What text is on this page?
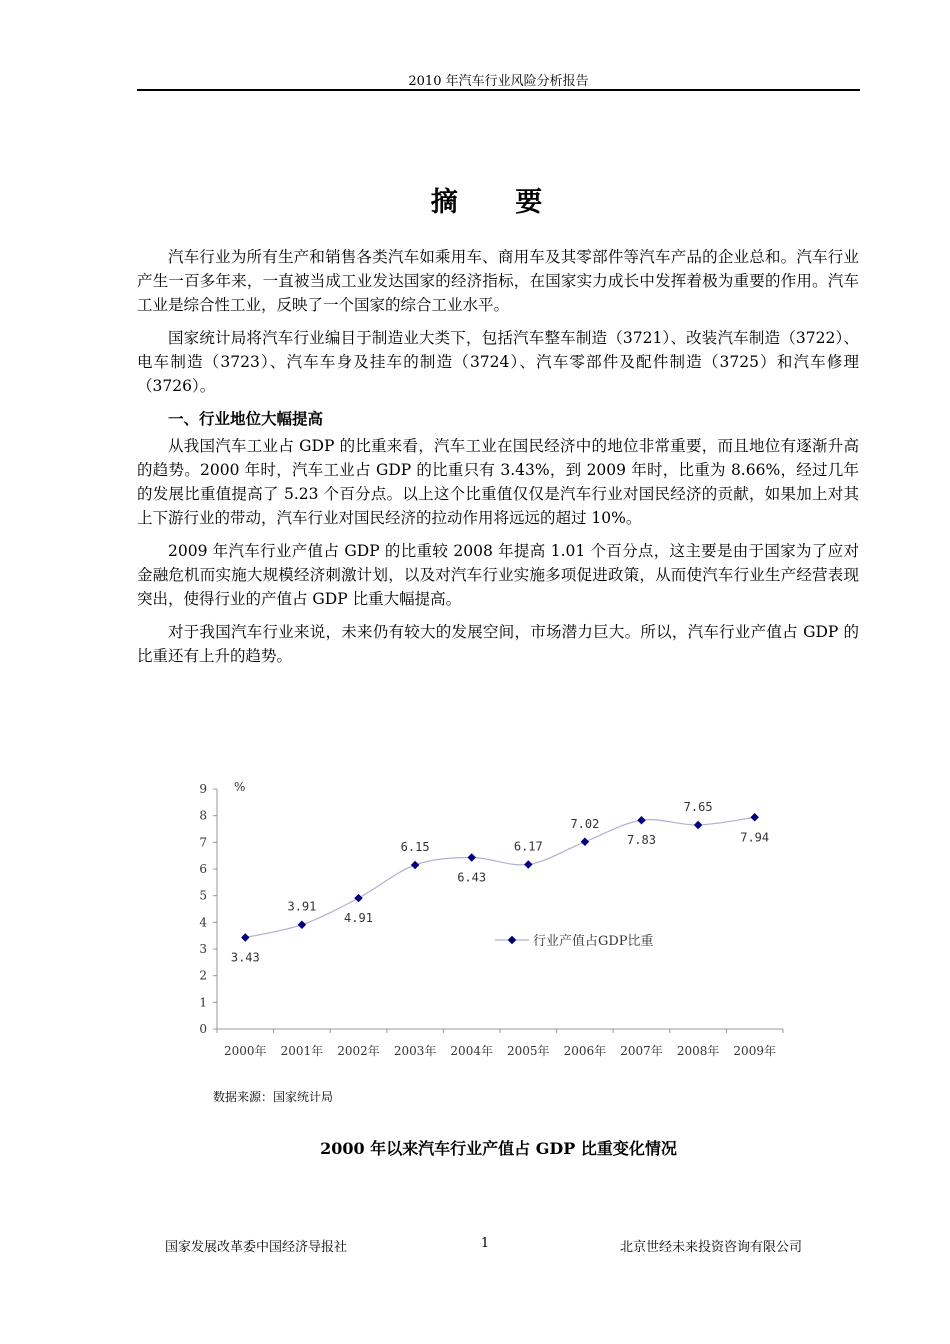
2010 年汽车行业风险分析报告
摘 要

汽车行业为所有生产和销售各类汽车如乘用车、商用车及其零部件等汽车产品的企业总和。汽车行业产生一百多年来，一直被当成工业发达国家的经济指标，在国家实力成长中发挥着极为重要的作用。汽车工业是综合性工业，反映了一个国家的综合工业水平。

国家统计局将汽车行业编目于制造业大类下，包括汽车整车制造（3721）、改装汽车制造（3722）、电车制造（3723）、汽车车身及挂车的制造（3724）、汽车零部件及配件制造（3725）和汽车修理（3726）。

一、行业地位大幅提高

从我国汽车工业占 GDP 的比重来看，汽车工业在国民经济中的地位非常重要，而且地位有逐渐升高的趋势。2000 年时，汽车工业占 GDP 的比重只有 3.43%，到 2009 年时，比重为 8.66%，经过几年的发展比重值提高了 5.23 个百分点。以上这个比重值仅仅是汽车行业对国民经济的贡献，如果加上对其上下游行业的带动，汽车行业对国民经济的拉动作用将远远的超过 10%。

2009 年汽车行业产值占 GDP 的比重较 2008 年提高 1.01 个百分点，这主要是由于国家为了应对金融危机而实施大规模经济刺激计划，以及对汽车行业实施多项促进政策，从而使汽车行业生产经营表现突出，使得行业的产值占 GDP 比重大幅提高。

对于我国汽车行业来说，未来仍有较大的发展空间，市场潜力巨大。所以，汽车行业产值占 GDP 的比重还有上升的趋势。

0
1
2
3
4
5
6
7
8
9 %
2000年 2001年 2002年 2003年 2004年 2005年 2006年 2007年 2008年 2009年
3.43
3.91
4.91
6.15
6.43
6.17
7.02
7.83
7.65
7.94
行业产值占GDP比重
数据来源：国家统计局
2000 年以来汽车行业产值占 GDP 比重变化情况
国家发展改革委中国经济导报社	1	北京世经未来投资咨询有限公司
